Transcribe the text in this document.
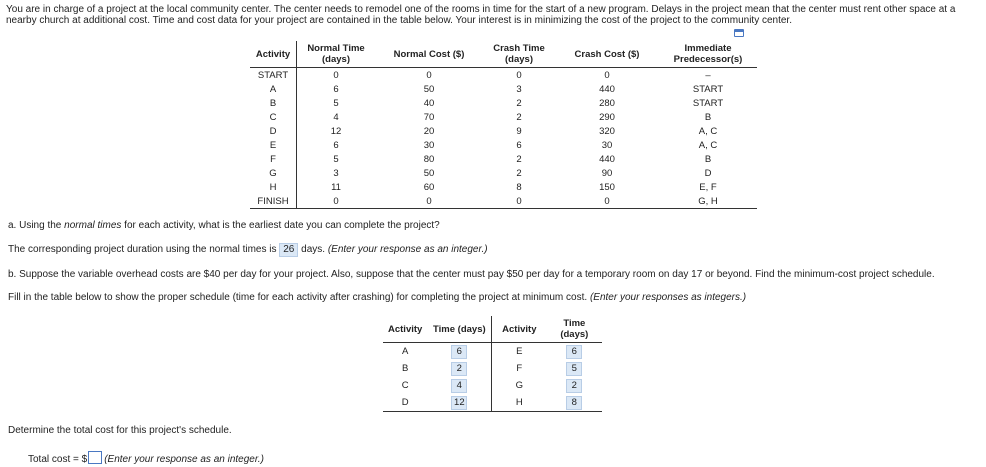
You are in charge of a project at the local community center. The center needs to remodel one of the rooms in time for the start of a new program. Delays in the project mean that the center must rent other space at a nearby church at additional cost. Time and cost data for your project are contained in the table below. Your interest is in minimizing the cost of the project to the community center.
Activity	Normal Time (days)	Normal Cost ($)	Crash Time (days)	Crash Cost ($)	Immediate Predecessor(s)
START	0	0	0	0	–
A	6	50	3	440	START
B	5	40	2	280	START
C	4	70	2	290	B
D	12	20	9	320	A, C
E	6	30	6	30	A, C
F	5	80	2	440	B
G	3	50	2	90	D
H	11	60	8	150	E, F
FINISH	0	0	0	0	G, H
a. Using the normal times for each activity, what is the earliest date you can complete the project?
The corresponding project duration using the normal times is 26 days. (Enter your response as an integer.)
b. Suppose the variable overhead costs are $40 per day for your project. Also, suppose that the center must pay $50 per day for a temporary room on day 17 or beyond. Find the minimum-cost project schedule.
Fill in the table below to show the proper schedule (time for each activity after crashing) for completing the project at minimum cost. (Enter your responses as integers.)
Activity	Time (days)	Activity	Time (days)
A	6	E	6
B	2	F	5
C	4	G	2
D	12	H	8
Determine the total cost for this project's schedule.
Total cost = $ (Enter your response as an integer.)
